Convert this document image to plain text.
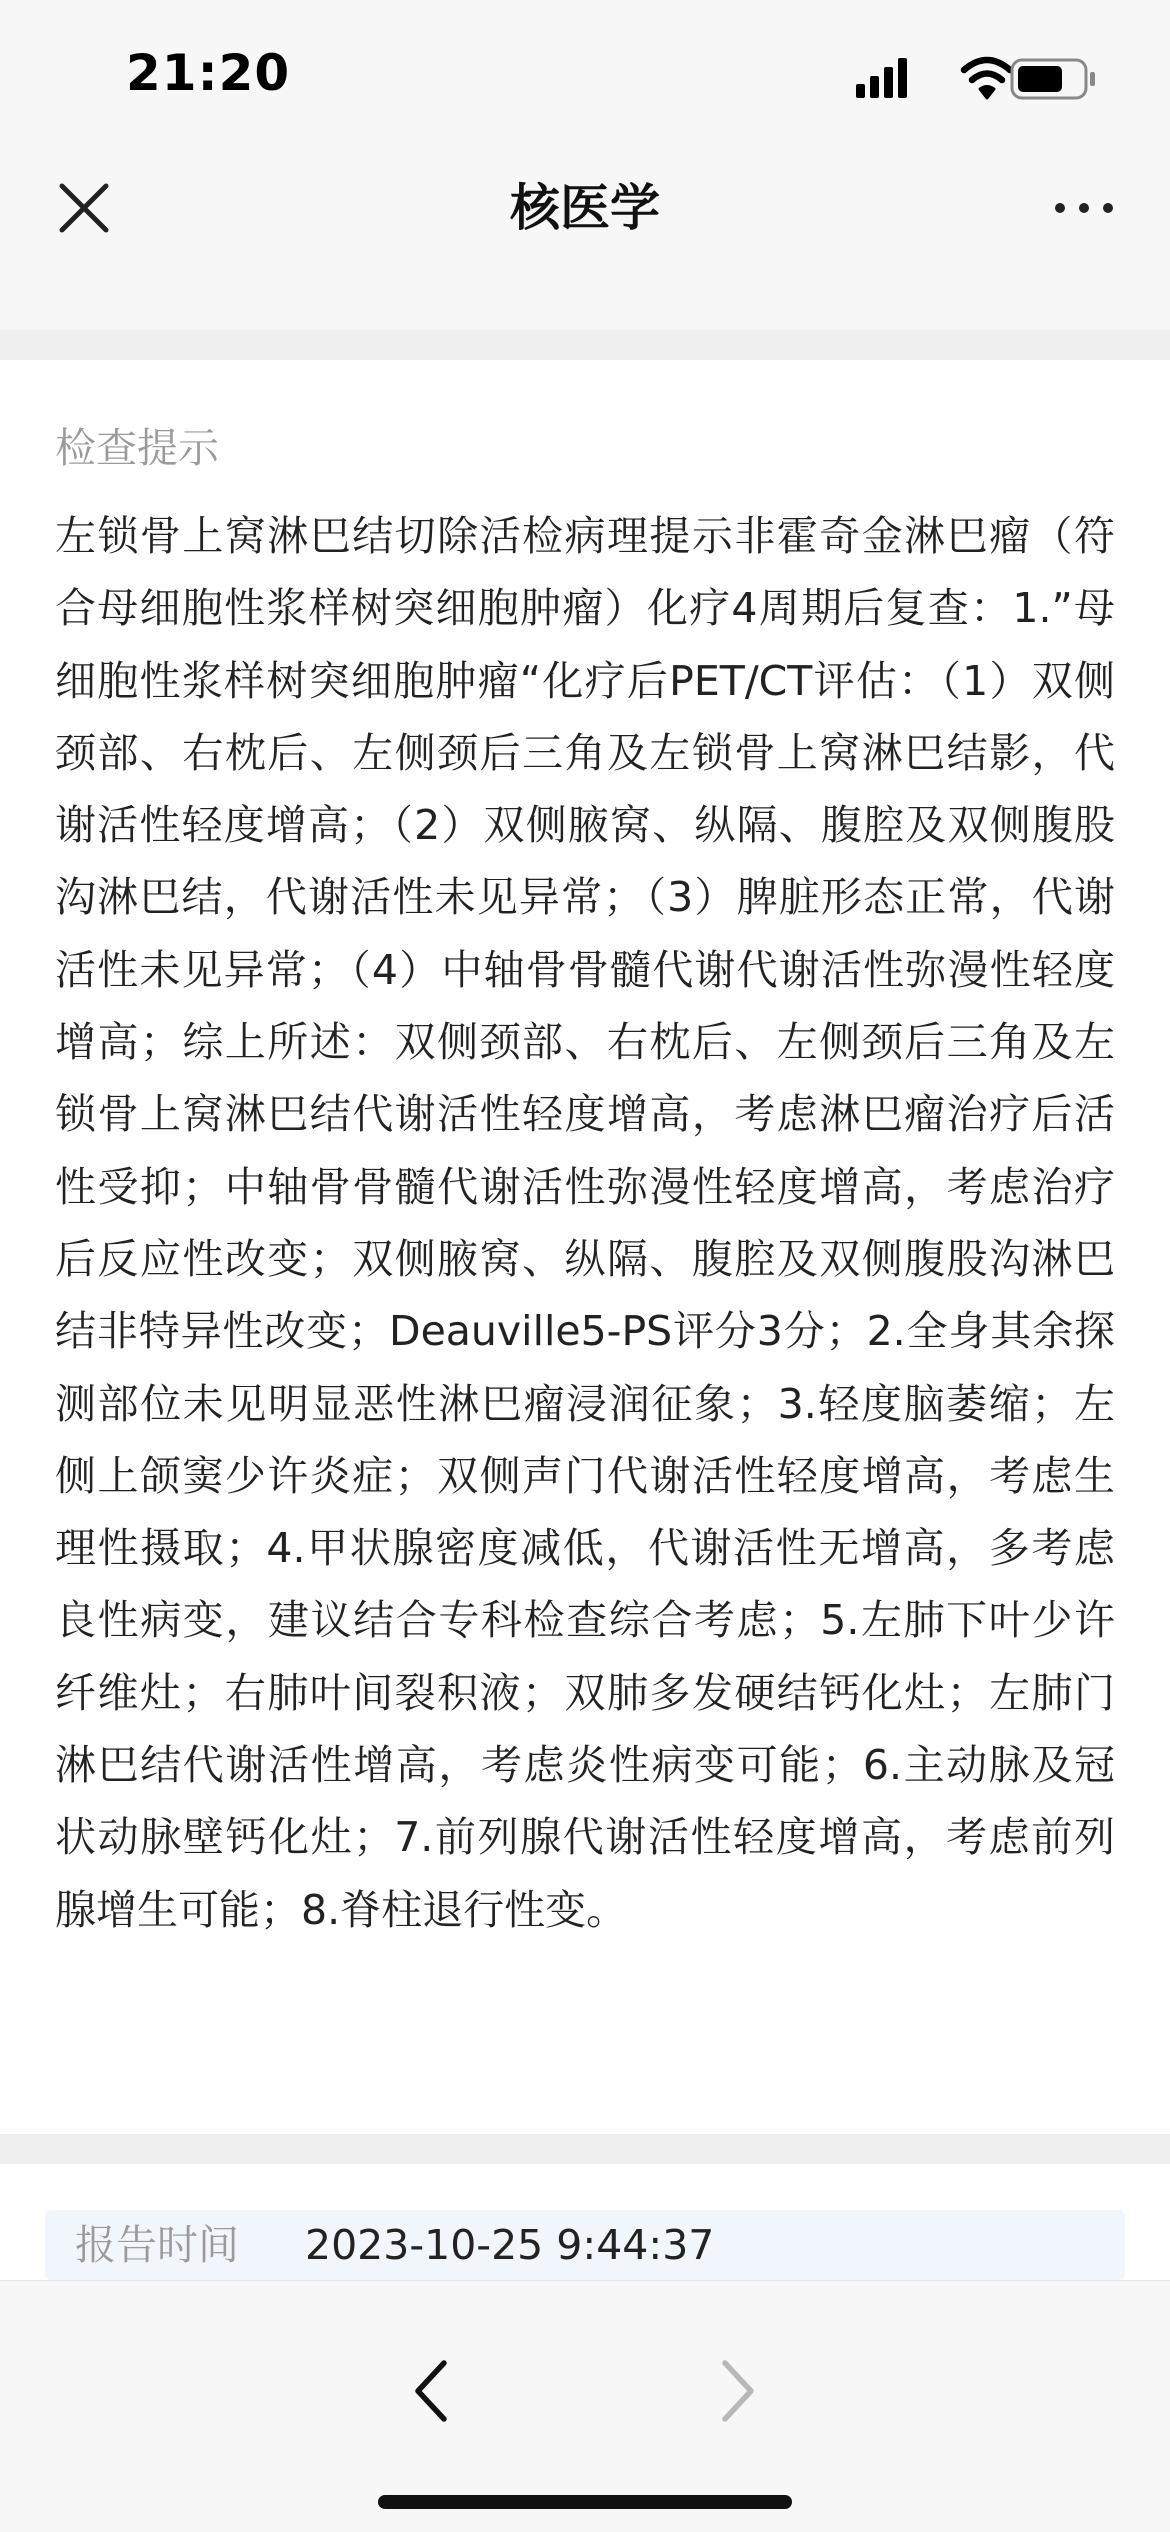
21:20
核医学
检查提示
左锁骨上窝淋巴结切除活检病理提示非霍奇金淋巴瘤（符合母细胞性浆样树突细胞肿瘤）化疗4周期后复查：1.”母细胞性浆样树突细胞肿瘤“化疗后PET/CT评估：（1）双侧颈部、右枕后、左侧颈后三角及左锁骨上窝淋巴结影，代谢活性轻度增高；（2）双侧腋窝、纵隔、腹腔及双侧腹股沟淋巴结，代谢活性未见异常；（3）脾脏形态正常，代谢活性未见异常；（4）中轴骨骨髓代谢代谢活性弥漫性轻度增高；综上所述：双侧颈部、右枕后、左侧颈后三角及左锁骨上窝淋巴结代谢活性轻度增高，考虑淋巴瘤治疗后活性受抑；中轴骨骨髓代谢活性弥漫性轻度增高，考虑治疗后反应性改变；双侧腋窝、纵隔、腹腔及双侧腹股沟淋巴结非特异性改变；Deauville5-PS评分3分；2.全身其余探测部位未见明显恶性淋巴瘤浸润征象；3.轻度脑萎缩；左侧上颌窦少许炎症；双侧声门代谢活性轻度增高，考虑生理性摄取；4.甲状腺密度减低，代谢活性无增高，多考虑良性病变，建议结合专科检查综合考虑；5.左肺下叶少许纤维灶；右肺叶间裂积液；双肺多发硬结钙化灶；左肺门淋巴结代谢活性增高，考虑炎性病变可能；6.主动脉及冠状动脉壁钙化灶；7.前列腺代谢活性轻度增高，考虑前列腺增生可能；8.脊柱退行性变。
报告时间 2023-10-25 9:44:37
